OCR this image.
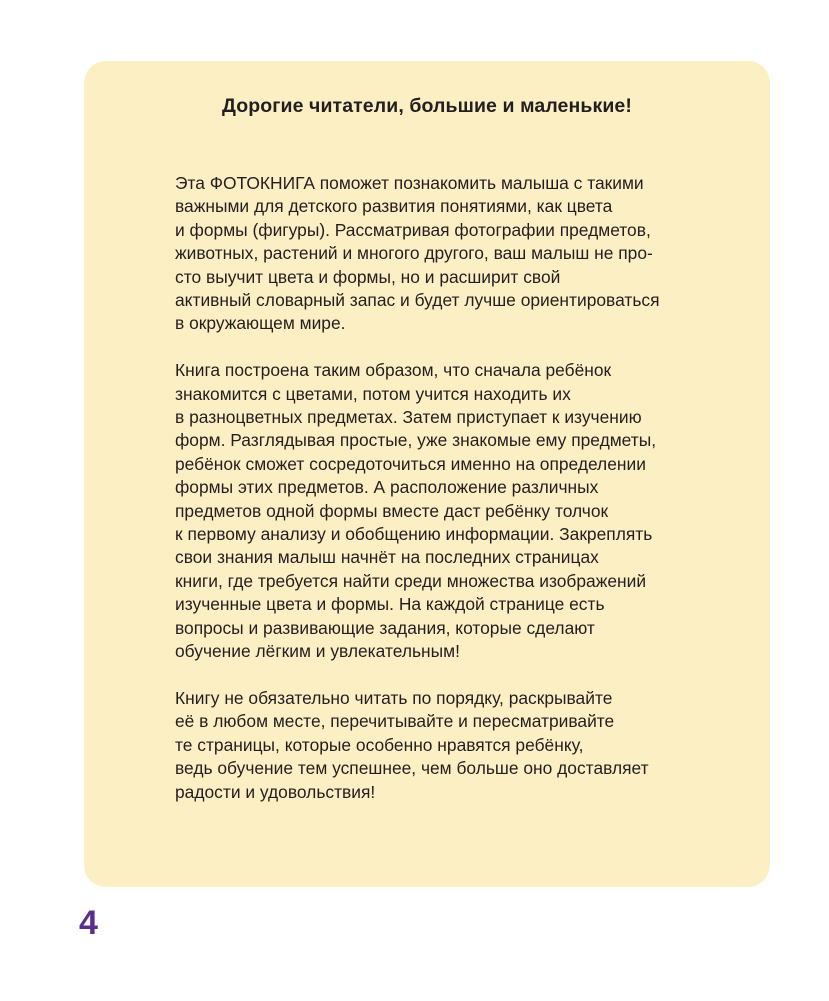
Дорогие читатели, большие и маленькие!

Эта ФОТОКНИГА поможет познакомить малыша с такими
важными для детского развития понятиями, как цвета
и формы (фигуры). Рассматривая фотографии предметов,
животных, растений и многого другого, ваш малыш не про-
сто выучит цвета и формы, но и расширит свой
активный словарный запас и будет лучше ориентироваться
в окружающем мире.

Книга построена таким образом, что сначала ребёнок
знакомится с цветами, потом учится находить их
в разноцветных предметах. Затем приступает к изучению
форм. Разглядывая простые, уже знакомые ему предметы,
ребёнок сможет сосредоточиться именно на определении
формы этих предметов. А расположение различных
предметов одной формы вместе даст ребёнку толчок
к первому анализу и обобщению информации. Закреплять
свои знания малыш начнёт на последних страницах
книги, где требуется найти среди множества изображений
изученные цвета и формы. На каждой странице есть
вопросы и развивающие задания, которые сделают
обучение лёгким и увлекательным!

Книгу не обязательно читать по порядку, раскрывайте
её в любом месте, перечитывайте и пересматривайте
те страницы, которые особенно нравятся ребёнку,
ведь обучение тем успешнее, чем больше оно доставляет
радости и удовольствия!

4
